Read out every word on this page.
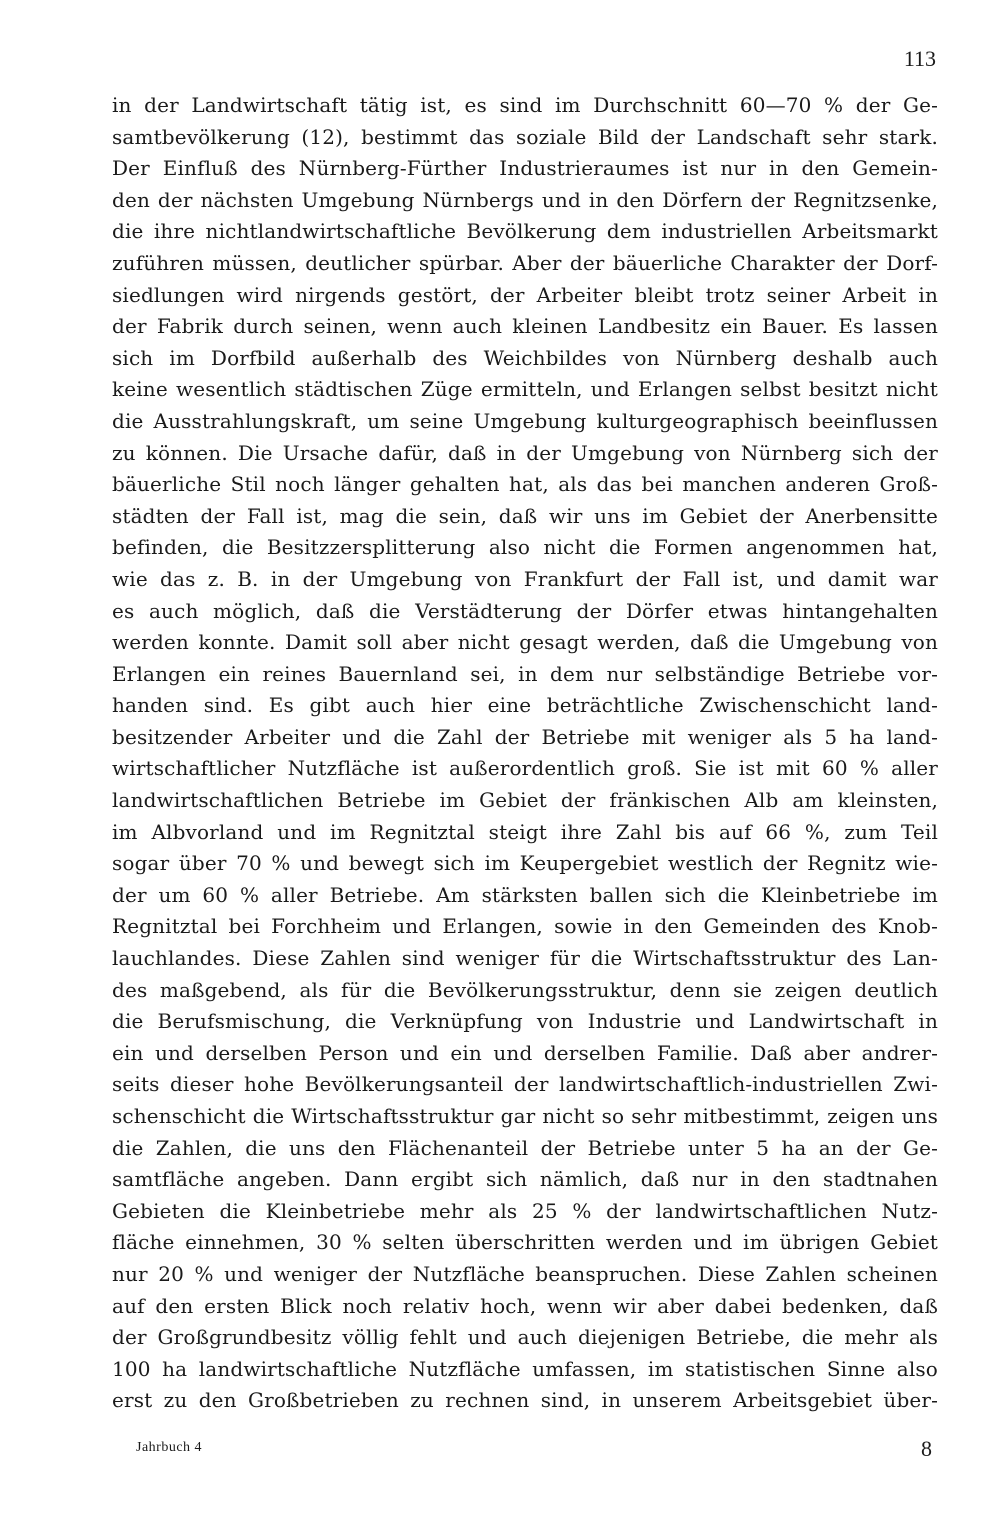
113
in der Landwirtschaft tätig ist, es sind im Durchschnitt 60—70 % der Ge-
samtbevölkerung (12), bestimmt das soziale Bild der Landschaft sehr stark.
Der Einfluß des Nürnberg-Fürther Industrieraumes ist nur in den Gemein-
den der nächsten Umgebung Nürnbergs und in den Dörfern der Regnitzsenke,
die ihre nichtlandwirtschaftliche Bevölkerung dem industriellen Arbeitsmarkt
zuführen müssen, deutlicher spürbar. Aber der bäuerliche Charakter der Dorf-
siedlungen wird nirgends gestört, der Arbeiter bleibt trotz seiner Arbeit in
der Fabrik durch seinen, wenn auch kleinen Landbesitz ein Bauer. Es lassen
sich im Dorfbild außerhalb des Weichbildes von Nürnberg deshalb auch
keine wesentlich städtischen Züge ermitteln, und Erlangen selbst besitzt nicht
die Ausstrahlungskraft, um seine Umgebung kulturgeographisch beeinflussen
zu können. Die Ursache dafür, daß in der Umgebung von Nürnberg sich der
bäuerliche Stil noch länger gehalten hat, als das bei manchen anderen Groß-
städten der Fall ist, mag die sein, daß wir uns im Gebiet der Anerbensitte
befinden, die Besitzzersplitterung also nicht die Formen angenommen hat,
wie das z. B. in der Umgebung von Frankfurt der Fall ist, und damit war
es auch möglich, daß die Verstädterung der Dörfer etwas hintangehalten
werden konnte. Damit soll aber nicht gesagt werden, daß die Umgebung von
Erlangen ein reines Bauernland sei, in dem nur selbständige Betriebe vor-
handen sind. Es gibt auch hier eine beträchtliche Zwischenschicht land-
besitzender Arbeiter und die Zahl der Betriebe mit weniger als 5 ha land-
wirtschaftlicher Nutzfläche ist außerordentlich groß. Sie ist mit 60 % aller
landwirtschaftlichen Betriebe im Gebiet der fränkischen Alb am kleinsten,
im Albvorland und im Regnitztal steigt ihre Zahl bis auf 66 %, zum Teil
sogar über 70 % und bewegt sich im Keupergebiet westlich der Regnitz wie-
der um 60 % aller Betriebe. Am stärksten ballen sich die Kleinbetriebe im
Regnitztal bei Forchheim und Erlangen, sowie in den Gemeinden des Knob-
lauchlandes. Diese Zahlen sind weniger für die Wirtschaftsstruktur des Lan-
des maßgebend, als für die Bevölkerungsstruktur, denn sie zeigen deutlich
die Berufsmischung, die Verknüpfung von Industrie und Landwirtschaft in
ein und derselben Person und ein und derselben Familie. Daß aber andrer-
seits dieser hohe Bevölkerungsanteil der landwirtschaftlich-industriellen Zwi-
schenschicht die Wirtschaftsstruktur gar nicht so sehr mitbestimmt, zeigen uns
die Zahlen, die uns den Flächenanteil der Betriebe unter 5 ha an der Ge-
samtfläche angeben. Dann ergibt sich nämlich, daß nur in den stadtnahen
Gebieten die Kleinbetriebe mehr als 25 % der landwirtschaftlichen Nutz-
fläche einnehmen, 30 % selten überschritten werden und im übrigen Gebiet
nur 20 % und weniger der Nutzfläche beanspruchen. Diese Zahlen scheinen
auf den ersten Blick noch relativ hoch, wenn wir aber dabei bedenken, daß
der Großgrundbesitz völlig fehlt und auch diejenigen Betriebe, die mehr als
100 ha landwirtschaftliche Nutzfläche umfassen, im statistischen Sinne also
erst zu den Großbetrieben zu rechnen sind, in unserem Arbeitsgebiet über-
Jahrbuch 4	8
